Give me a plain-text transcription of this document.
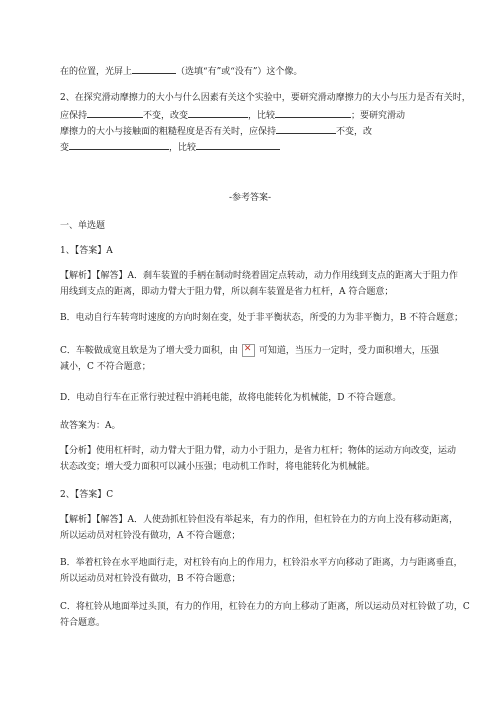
在的位置，光屏上	（选填“有”或“没有”）这个像。
2、在探究滑动摩擦力的大小与什么因素有关这个实验中，要研究滑动摩擦力的大小与压力是否有关时，
应保持	不变，改变	，比较	；要研究滑动
摩擦力的大小与接触面的粗糙程度是否有关时，应保持	不变，改
变	，比较
-参考答案-
一、单选题
1、【答案】A
【解析】【解答】A．刹车装置的手柄在制动时绕着固定点转动，动力作用线到支点的距离大于阻力作
用线到支点的距离，即动力臂大于阻力臂，所以刹车装置是省力杠杆，A 符合题意；
B．电动自行车转弯时速度的方向时刻在变，处于非平衡状态，所受的力为非平衡力，B 不符合题意；
C．车鞍做成宽且软是为了增大受力面积，由✕ 可知道，当压力一定时，受力面积增大，压强
减小，C 不符合题意；
D．电动自行车在正常行驶过程中消耗电能，故将电能转化为机械能，D 不符合题意。
故答案为：A。
【分析】使用杠杆时，动力臂大于阻力臂，动力小于阻力，是省力杠杆；物体的运动方向改变，运动
状态改变；增大受力面积可以减小压强；电动机工作时，将电能转化为机械能。
2、【答案】C
【解析】【解答】A．人使劲抓杠铃但没有举起来，有力的作用，但杠铃在力的方向上没有移动距离，
所以运动员对杠铃没有做功，A 不符合题意；
B．举着杠铃在水平地面行走，对杠铃有向上的作用力，杠铃沿水平方向移动了距离，力与距离垂直，
所以运动员对杠铃没有做功，B 不符合题意；
C．将杠铃从地面举过头顶，有力的作用，杠铃在力的方向上移动了距离，所以运动员对杠铃做了功，C
符合题意。
